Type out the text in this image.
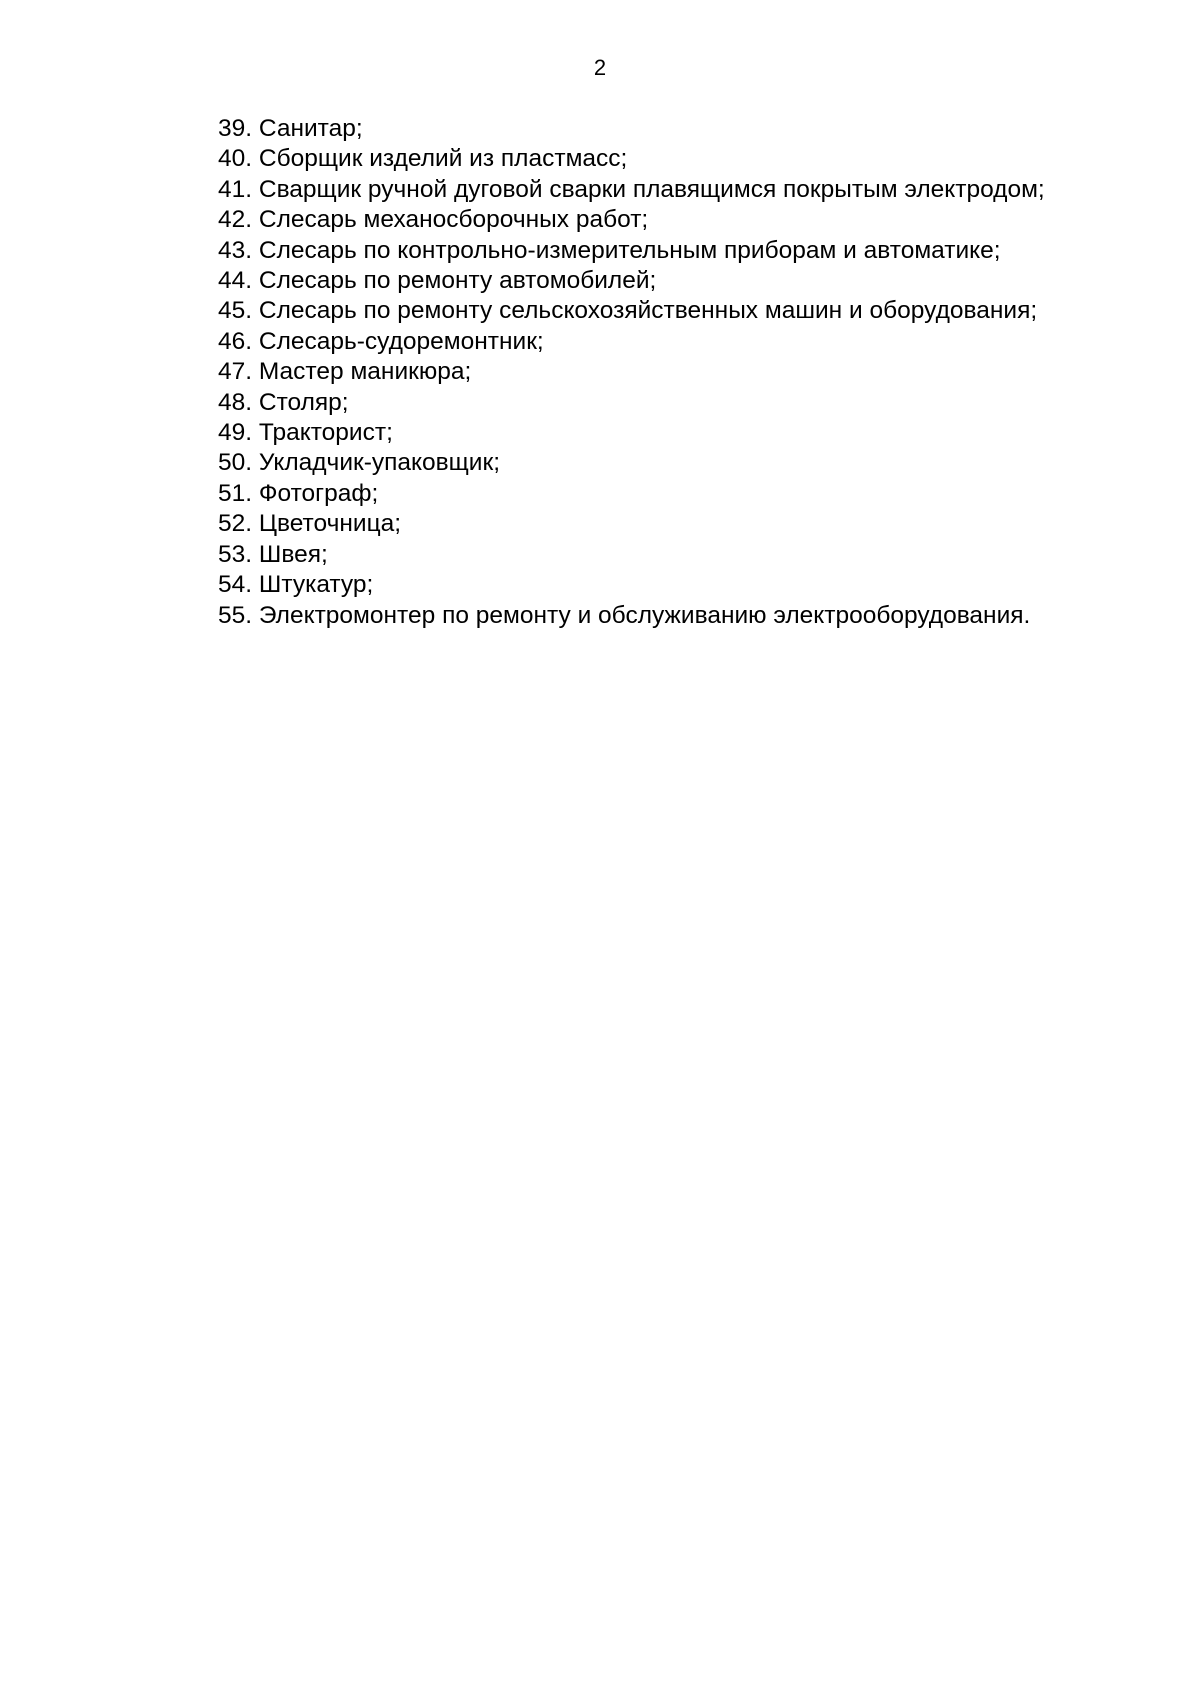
2
39. Санитар;
40. Сборщик изделий из пластмасс;
41. Сварщик ручной дуговой сварки плавящимся покрытым электродом;
42. Слесарь механосборочных работ;
43. Слесарь по контрольно-измерительным приборам и автоматике;
44. Слесарь по ремонту автомобилей;
45. Слесарь по ремонту сельскохозяйственных машин и оборудования;
46. Слесарь-судоремонтник;
47. Мастер маникюра;
48. Столяр;
49. Тракторист;
50. Укладчик-упаковщик;
51. Фотограф;
52. Цветочница;
53. Швея;
54. Штукатур;
55. Электромонтер по ремонту и обслуживанию электрооборудования.
